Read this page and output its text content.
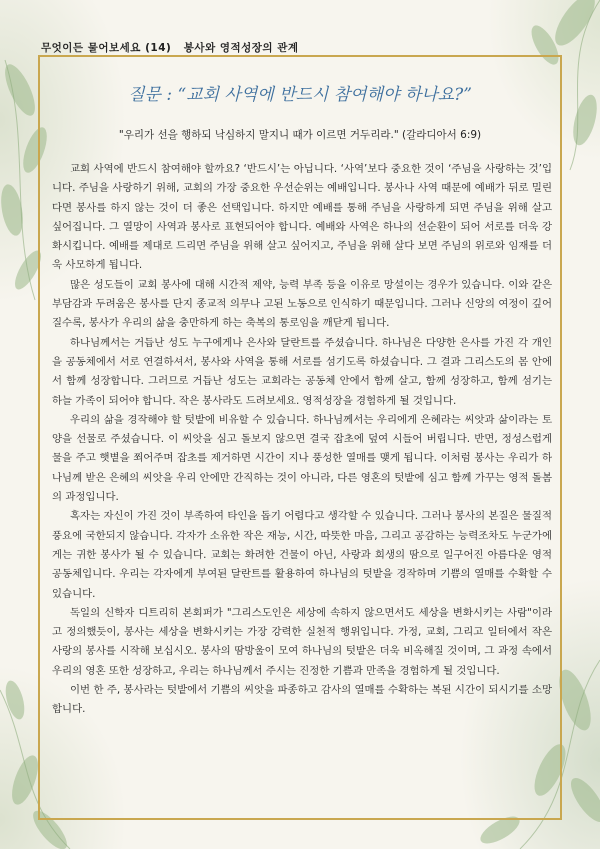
무엇이든 물어보세요 (14) 봉사와 영적성장의 관계
질문 : “교회 사역에 반드시 참여해야 하나요?”
"우리가 선을 행하되 낙심하지 말지니 때가 이르면 거두리라." (갈라디아서 6:9)

교회 사역에 반드시 참여해야 할까요? ‘반드시’는 아닙니다. ‘사역’보다 중요한 것이 ‘주님을 사랑하는 것’입니다. 주님을 사랑하기 위해, 교회의 가장 중요한 우선순위는 예배입니다. 봉사나 사역 때문에 예배가 뒤로 밀린다면 봉사를 하지 않는 것이 더 좋은 선택입니다. 하지만 예배를 통해 주님을 사랑하게 되면 주님을 위해 살고 싶어집니다. 그 열망이 사역과 봉사로 표현되어야 합니다. 예배와 사역은 하나의 선순환이 되어 서로를 더욱 강화시킵니다. 예배를 제대로 드리면 주님을 위해 살고 싶어지고, 주님을 위해 살다 보면 주님의 위로와 임재를 더욱 사모하게 됩니다.

많은 성도들이 교회 봉사에 대해 시간적 제약, 능력 부족 등을 이유로 망설이는 경우가 있습니다. 이와 같은 부담감과 두려움은 봉사를 단지 종교적 의무나 고된 노동으로 인식하기 때문입니다. 그러나 신앙의 여정이 깊어질수록, 봉사가 우리의 삶을 충만하게 하는 축복의 통로임을 깨닫게 됩니다.

하나님께서는 거듭난 성도 누구에게나 은사와 달란트를 주셨습니다. 하나님은 다양한 은사를 가진 각 개인을 공동체에서 서로 연결하셔서, 봉사와 사역을 통해 서로를 섬기도록 하셨습니다. 그 결과 그리스도의 몸 안에서 함께 성장합니다. 그러므로 거듭난 성도는 교회라는 공동체 안에서 함께 살고, 함께 성장하고, 함께 섬기는 하늘 가족이 되어야 합니다. 작은 봉사라도 드려보세요. 영적성장을 경험하게 될 것입니다.

우리의 삶을 경작해야 할 텃밭에 비유할 수 있습니다. 하나님께서는 우리에게 은혜라는 씨앗과 삶이라는 토양을 선물로 주셨습니다. 이 씨앗을 심고 돌보지 않으면 결국 잡초에 덮여 시들어 버립니다. 반면, 정성스럽게 물을 주고 햇볕을 쬐어주며 잡초를 제거하면 시간이 지나 풍성한 열매를 맺게 됩니다. 이처럼 봉사는 우리가 하나님께 받은 은혜의 씨앗을 우리 안에만 간직하는 것이 아니라, 다른 영혼의 텃밭에 심고 함께 가꾸는 영적 돌봄의 과정입니다.

혹자는 자신이 가진 것이 부족하여 타인을 돕기 어렵다고 생각할 수 있습니다. 그러나 봉사의 본질은 물질적 풍요에 국한되지 않습니다. 각자가 소유한 작은 재능, 시간, 따뜻한 마음, 그리고 공감하는 능력조차도 누군가에게는 귀한 봉사가 될 수 있습니다. 교회는 화려한 건물이 아닌, 사랑과 희생의 땀으로 일구어진 아름다운 영적 공동체입니다. 우리는 각자에게 부여된 달란트를 활용하여 하나님의 텃밭을 경작하며 기쁨의 열매를 수확할 수 있습니다.

독일의 신학자 디트리히 본회퍼가 "그리스도인은 세상에 속하지 않으면서도 세상을 변화시키는 사람"이라고 정의했듯이, 봉사는 세상을 변화시키는 가장 강력한 실천적 행위입니다. 가정, 교회, 그리고 일터에서 작은 사랑의 봉사를 시작해 보십시오. 봉사의 땀방울이 모여 하나님의 텃밭은 더욱 비옥해질 것이며, 그 과정 속에서 우리의 영혼 또한 성장하고, 우리는 하나님께서 주시는 진정한 기쁨과 만족을 경험하게 될 것입니다.

이번 한 주, 봉사라는 텃밭에서 기쁨의 씨앗을 파종하고 감사의 열매를 수확하는 복된 시간이 되시기를 소망합니다.
